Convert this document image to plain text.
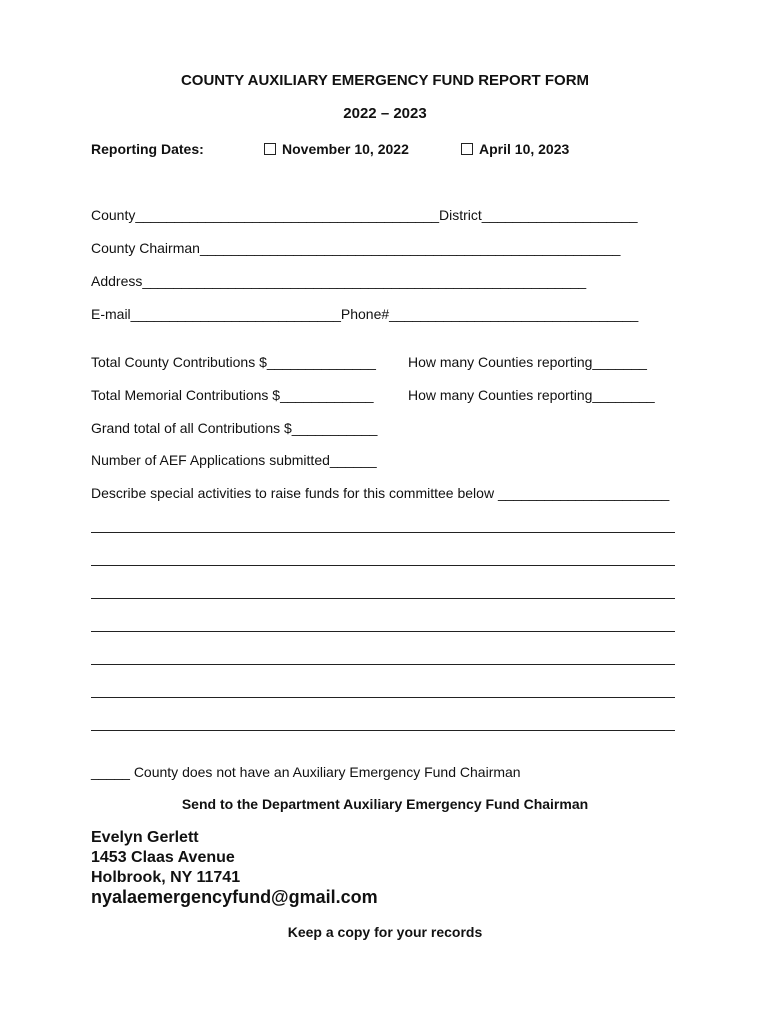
COUNTY AUXILIARY EMERGENCY FUND REPORT FORM
2022 – 2023
Reporting Dates:	November 10, 2022	April 10, 2023
County_______________________________________District____________________
County Chairman______________________________________________________
Address_________________________________________________________
E-mail___________________________Phone#________________________________
Total County Contributions $______________ How many Counties reporting_______
Total Memorial Contributions $____________ How many Counties reporting________
Grand total of all Contributions $___________
Number of AEF Applications submitted______
Describe special activities to raise funds for this committee below ______________________
_____ County does not have an Auxiliary Emergency Fund Chairman
Send to the Department Auxiliary Emergency Fund Chairman
Evelyn Gerlett
1453 Claas Avenue
Holbrook, NY 11741
nyalaemergencyfund@gmail.com
Keep a copy for your records
